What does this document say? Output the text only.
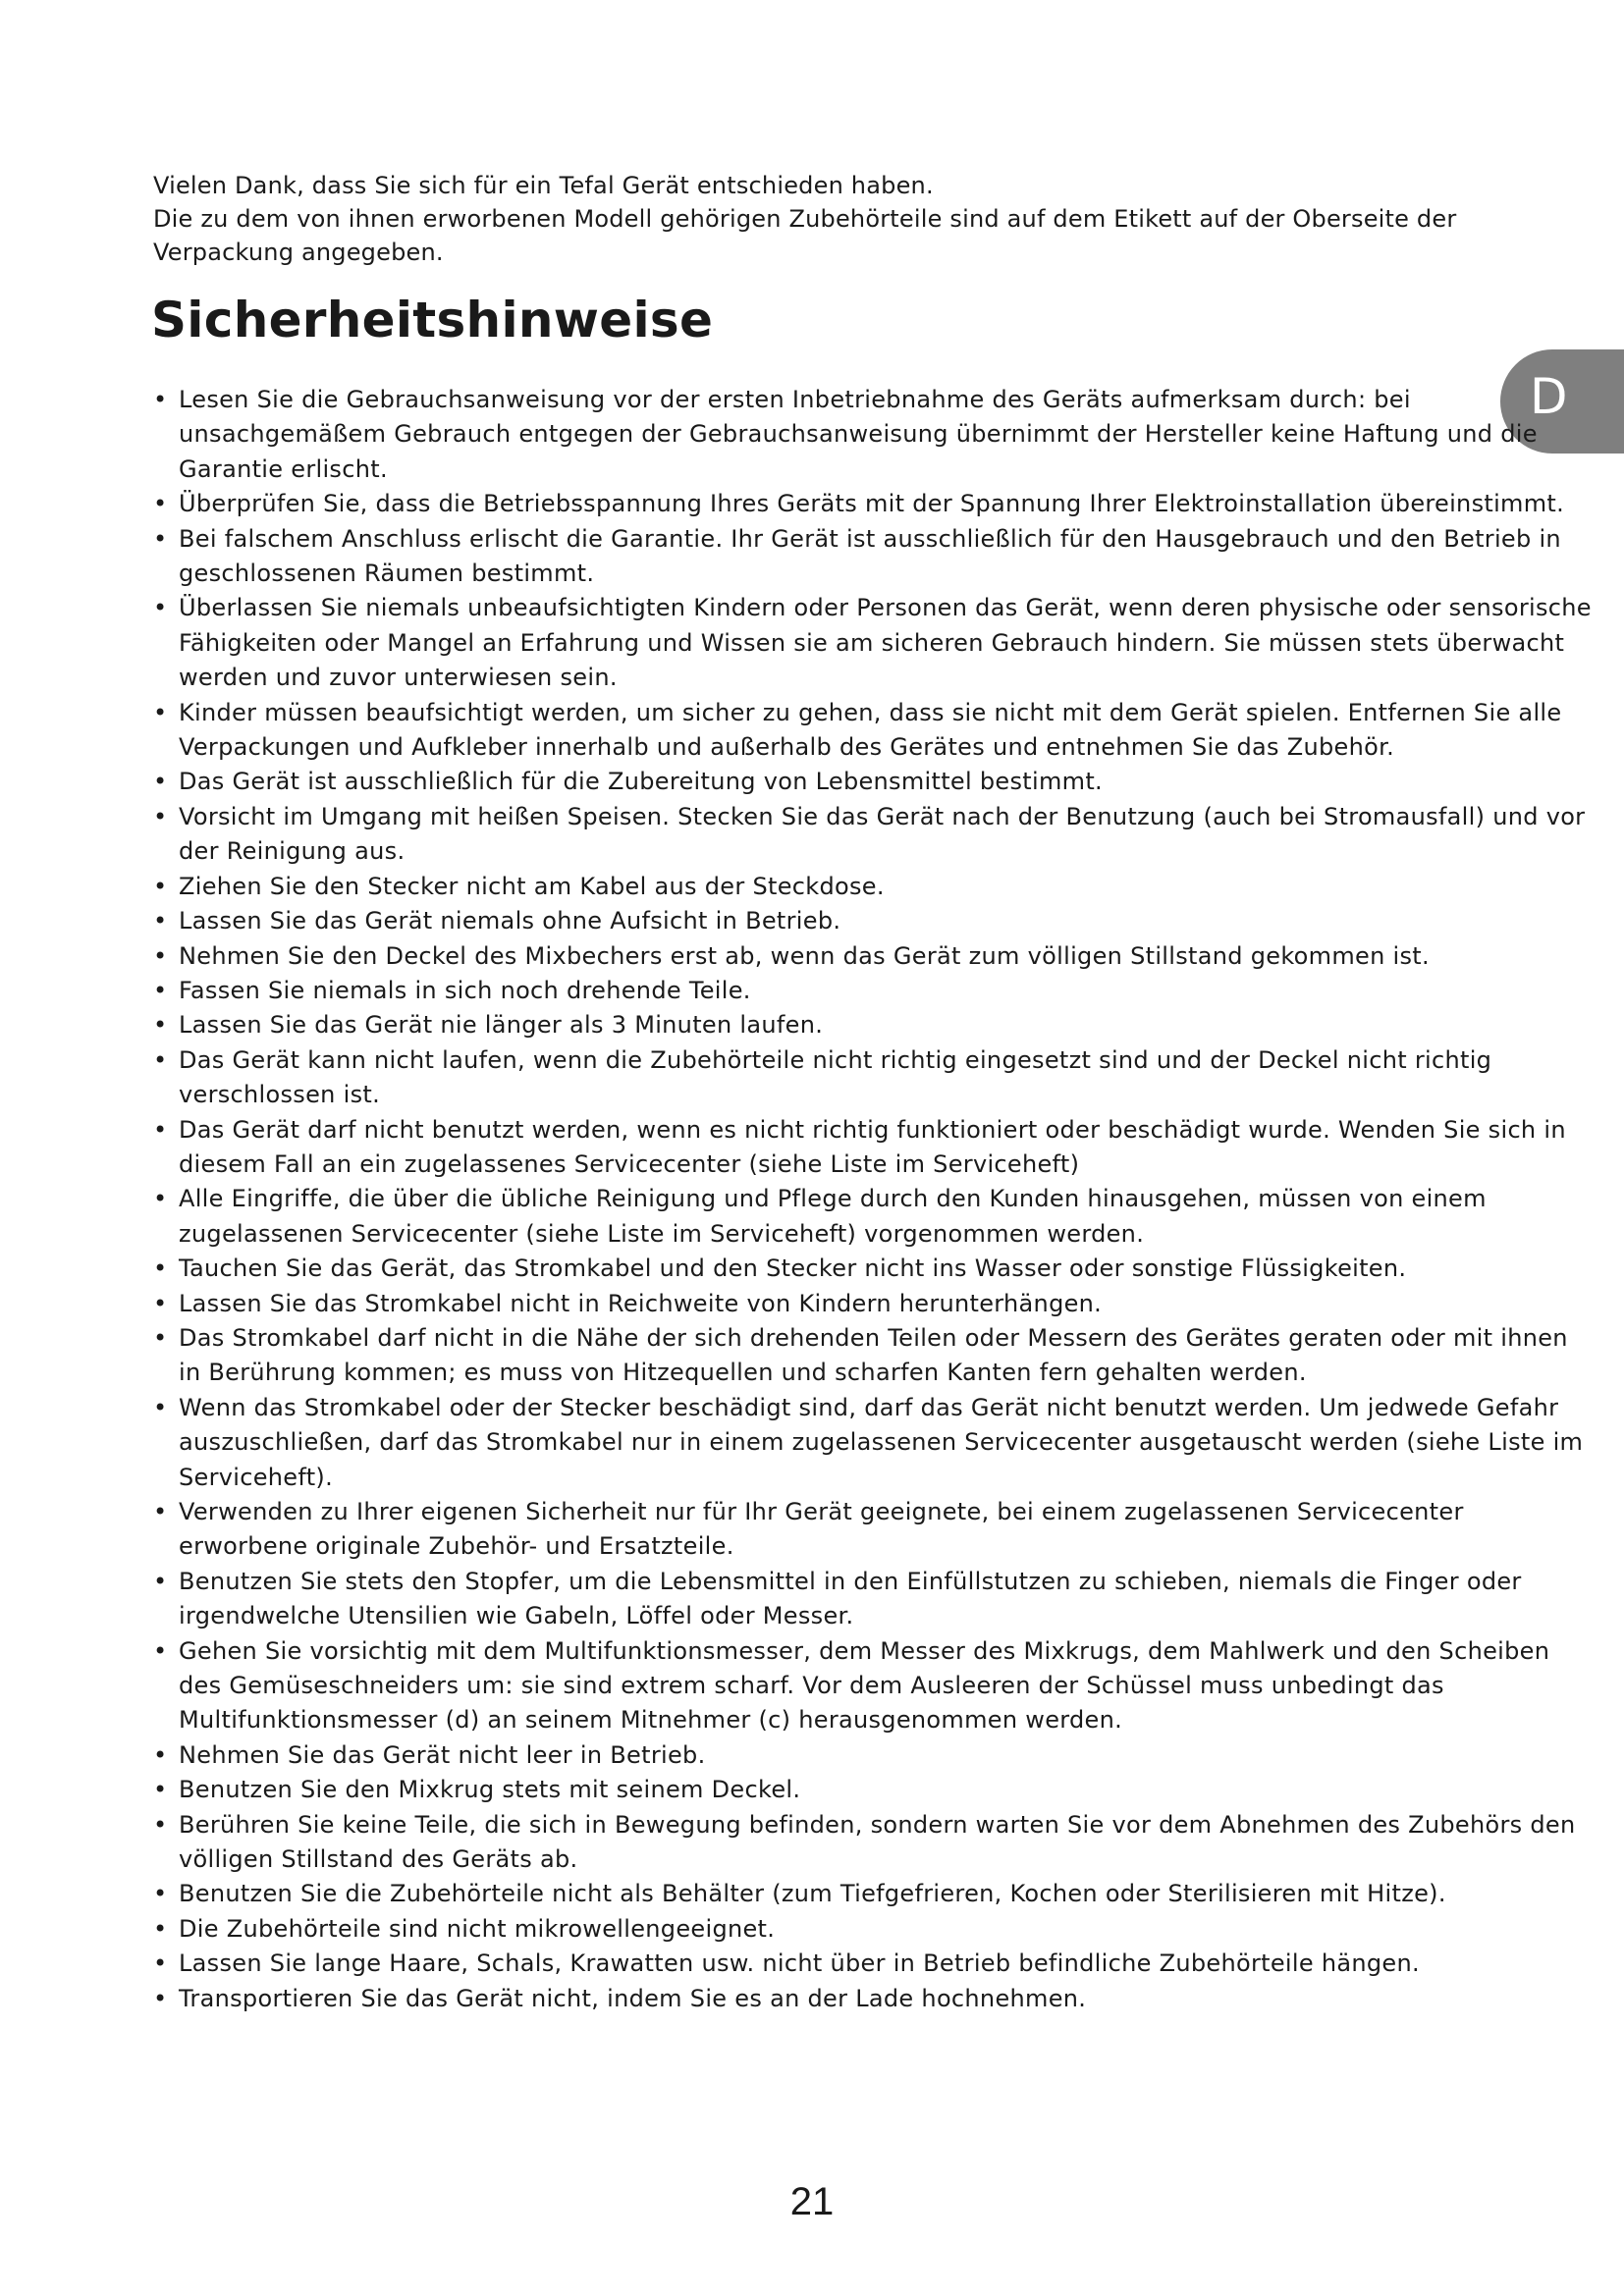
Vielen Dank, dass Sie sich für ein Tefal Gerät entschieden haben.

Die zu dem von ihnen erworbenen Modell gehörigen Zubehörteile sind auf dem Etikett auf der Oberseite der Verpackung angegeben.

Sicherheitshinweise
D
• Lesen Sie die Gebrauchsanweisung vor der ersten Inbetriebnahme des Geräts aufmerksam durch: bei unsachgemäßem Gebrauch entgegen der Gebrauchsanweisung übernimmt der Hersteller keine Haftung und die Garantie erlischt.
• Überprüfen Sie, dass die Betriebsspannung Ihres Geräts mit der Spannung Ihrer Elektroinstallation übereinstimmt.
• Bei falschem Anschluss erlischt die Garantie. Ihr Gerät ist ausschließlich für den Hausgebrauch und den Betrieb in geschlossenen Räumen bestimmt.
• Überlassen Sie niemals unbeaufsichtigten Kindern oder Personen das Gerät, wenn deren physische oder sensorische Fähigkeiten oder Mangel an Erfahrung und Wissen sie am sicheren Gebrauch hindern. Sie müssen stets überwacht werden und zuvor unterwiesen sein.
• Kinder müssen beaufsichtigt werden, um sicher zu gehen, dass sie nicht mit dem Gerät spielen. Entfernen Sie alle Verpackungen und Aufkleber innerhalb und außerhalb des Gerätes und entnehmen Sie das Zubehör.
• Das Gerät ist ausschließlich für die Zubereitung von Lebensmittel bestimmt.
• Vorsicht im Umgang mit heißen Speisen. Stecken Sie das Gerät nach der Benutzung (auch bei Stromausfall) und vor der Reinigung aus.
• Ziehen Sie den Stecker nicht am Kabel aus der Steckdose.
• Lassen Sie das Gerät niemals ohne Aufsicht in Betrieb.
• Nehmen Sie den Deckel des Mixbechers erst ab, wenn das Gerät zum völligen Stillstand gekommen ist.
• Fassen Sie niemals in sich noch drehende Teile.
• Lassen Sie das Gerät nie länger als 3 Minuten laufen.
• Das Gerät kann nicht laufen, wenn die Zubehörteile nicht richtig eingesetzt sind und der Deckel nicht richtig verschlossen ist.
• Das Gerät darf nicht benutzt werden, wenn es nicht richtig funktioniert oder beschädigt wurde. Wenden Sie sich in diesem Fall an ein zugelassenes Servicecenter (siehe Liste im Serviceheft)
• Alle Eingriffe, die über die übliche Reinigung und Pflege durch den Kunden hinausgehen, müssen von einem zugelassenen Servicecenter (siehe Liste im Serviceheft) vorgenommen werden.
• Tauchen Sie das Gerät, das Stromkabel und den Stecker nicht ins Wasser oder sonstige Flüssigkeiten.
• Lassen Sie das Stromkabel nicht in Reichweite von Kindern herunterhängen.
• Das Stromkabel darf nicht in die Nähe der sich drehenden Teilen oder Messern des Gerätes geraten oder mit ihnen in Berührung kommen; es muss von Hitzequellen und scharfen Kanten fern gehalten werden.
• Wenn das Stromkabel oder der Stecker beschädigt sind, darf das Gerät nicht benutzt werden. Um jedwede Gefahr auszuschließen, darf das Stromkabel nur in einem zugelassenen Servicecenter ausgetauscht werden (siehe Liste im Serviceheft).
• Verwenden zu Ihrer eigenen Sicherheit nur für Ihr Gerät geeignete, bei einem zugelassenen Servicecenter erworbene originale Zubehör- und Ersatzteile.
• Benutzen Sie stets den Stopfer, um die Lebensmittel in den Einfüllstutzen zu schieben, niemals die Finger oder irgendwelche Utensilien wie Gabeln, Löffel oder Messer.
• Gehen Sie vorsichtig mit dem Multifunktionsmesser, dem Messer des Mixkrugs, dem Mahlwerk und den Scheiben des Gemüseschneiders um: sie sind extrem scharf. Vor dem Ausleeren der Schüssel muss unbedingt das Multifunktionsmesser (d) an seinem Mitnehmer (c) herausgenommen werden.
• Nehmen Sie das Gerät nicht leer in Betrieb.
• Benutzen Sie den Mixkrug stets mit seinem Deckel.
• Berühren Sie keine Teile, die sich in Bewegung befinden, sondern warten Sie vor dem Abnehmen des Zubehörs den völligen Stillstand des Geräts ab.
• Benutzen Sie die Zubehörteile nicht als Behälter (zum Tiefgefrieren, Kochen oder Sterilisieren mit Hitze).
• Die Zubehörteile sind nicht mikrowellengeeignet.
• Lassen Sie lange Haare, Schals, Krawatten usw. nicht über in Betrieb befindliche Zubehörteile hängen.
• Transportieren Sie das Gerät nicht, indem Sie es an der Lade hochnehmen.
21
